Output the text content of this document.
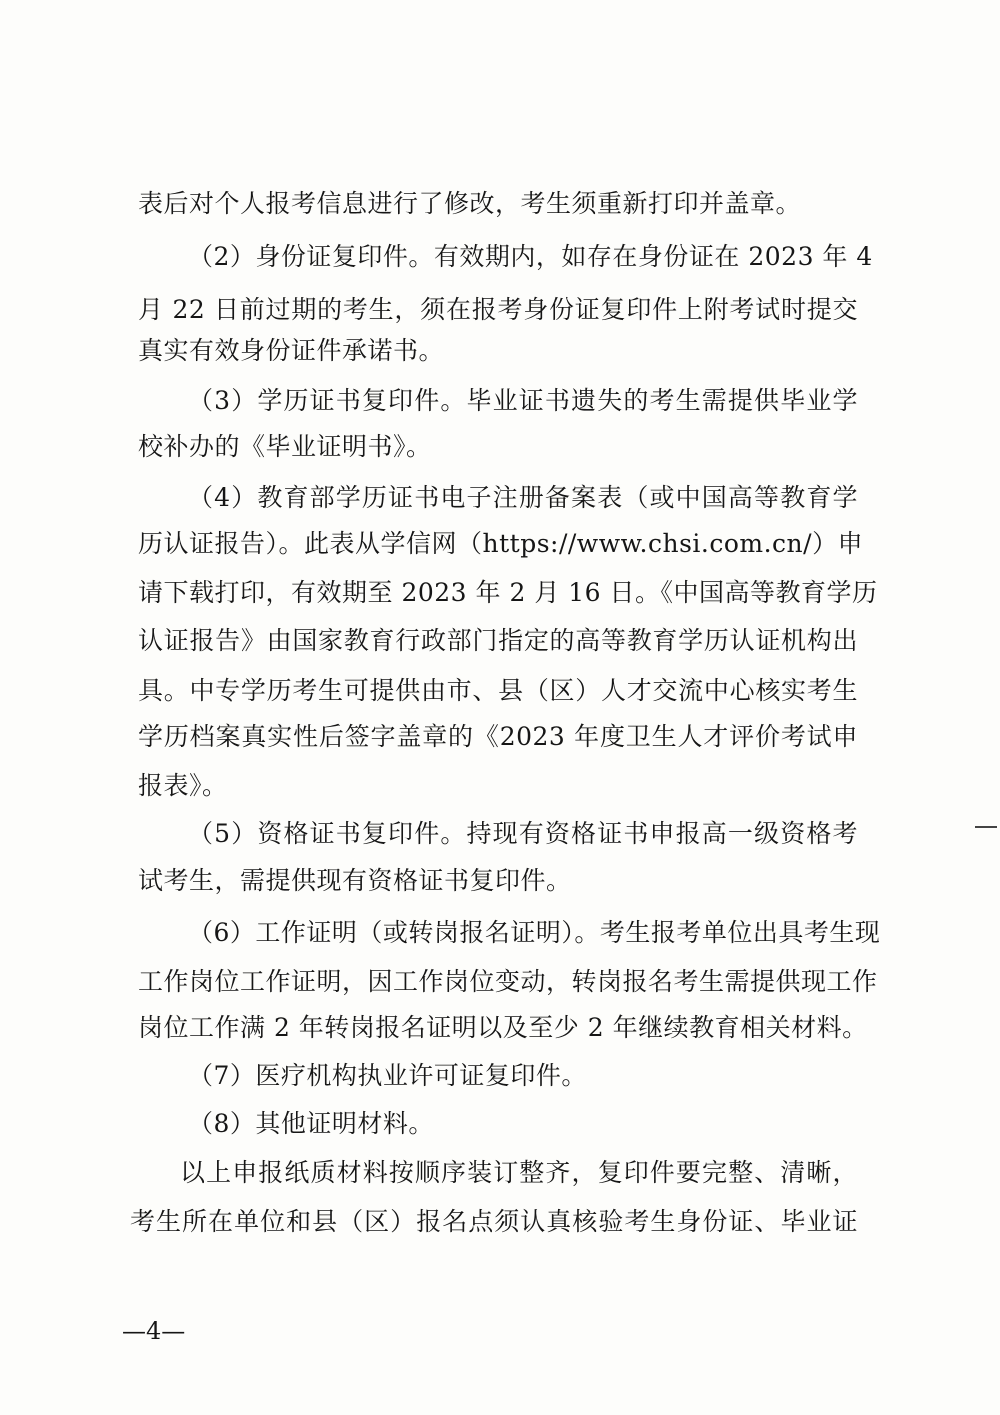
表后对个人报考信息进行了修改，考生须重新打印并盖章。
（2）身份证复印件。有效期内，如存在身份证在 2023 年 4
月 22 日前过期的考生，须在报考身份证复印件上附考试时提交
真实有效身份证件承诺书。
（3）学历证书复印件。毕业证书遗失的考生需提供毕业学
校补办的《毕业证明书》。
（4）教育部学历证书电子注册备案表（或中国高等教育学
历认证报告）。此表从学信网（https://www.chsi.com.cn/）申
请下载打印，有效期至 2023 年 2 月 16 日。《中国高等教育学历
认证报告》由国家教育行政部门指定的高等教育学历认证机构出
具。中专学历考生可提供由市、县（区）人才交流中心核实考生
学历档案真实性后签字盖章的《2023 年度卫生人才评价考试申
报表》。
（5）资格证书复印件。持现有资格证书申报高一级资格考
试考生，需提供现有资格证书复印件。
（6）工作证明（或转岗报名证明）。考生报考单位出具考生现
工作岗位工作证明，因工作岗位变动，转岗报名考生需提供现工作
岗位工作满 2 年转岗报名证明以及至少 2 年继续教育相关材料。
（7）医疗机构执业许可证复印件。
（8）其他证明材料。
以上申报纸质材料按顺序装订整齐，复印件要完整、清晰，
考生所在单位和县（区）报名点须认真核验考生身份证、毕业证
—4—
